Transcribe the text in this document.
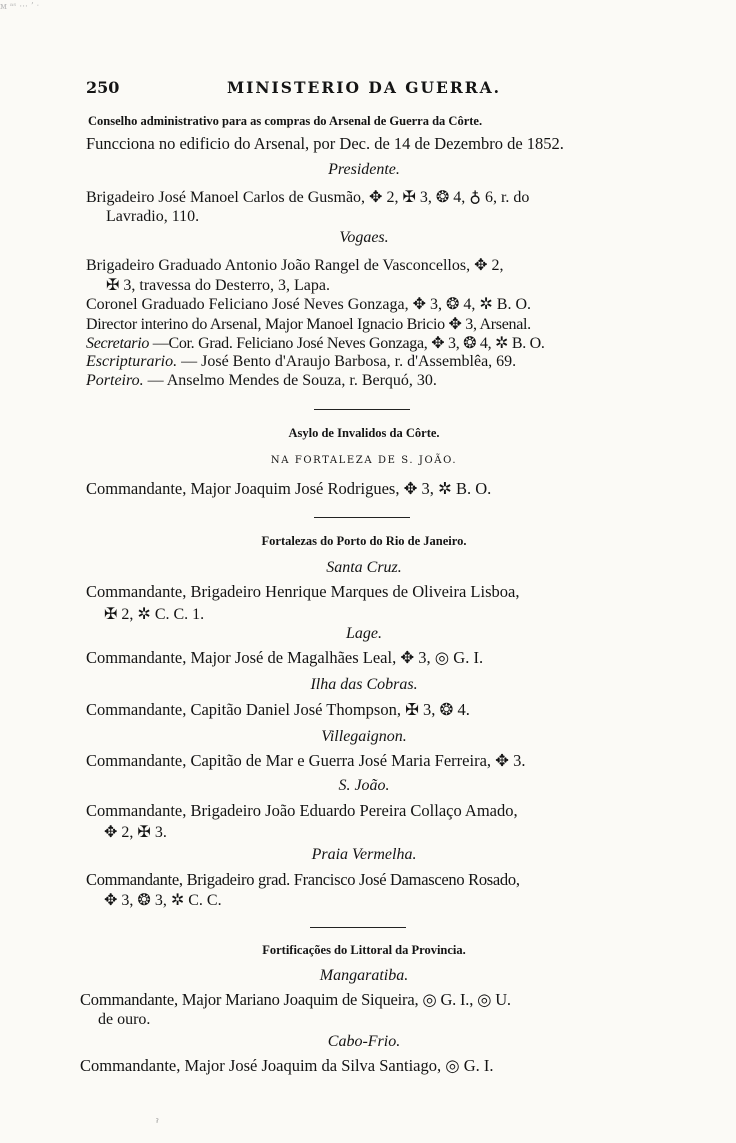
ᴍ ᵃˢ ··· ʼ ˑ
250	MINISTERIO DA GUERRA.
Conselho administrativo para as compras do Arsenal de Guerra da Côrte.
Funcciona no edificio do Arsenal, por Dec. de 14 de Dezembro de 1852.
Presidente.
Brigadeiro José Manoel Carlos de Gusmão, ✥ 2, ✠ 3, ❂ 4, ♁ 6, r. do
Lavradio, 110.
Vogaes.
Brigadeiro Graduado Antonio João Rangel de Vasconcellos, ✥ 2,
✠ 3, travessa do Desterro, 3, Lapa.
Coronel Graduado Feliciano José Neves Gonzaga, ✥ 3, ❂ 4, ✲ B. O.
Director interino do Arsenal, Major Manoel Ignacio Bricio ✥ 3, Arsenal.
Secretario —Cor. Grad. Feliciano José Neves Gonzaga, ✥ 3, ❂ 4, ✲ B. O.
Escripturario. — José Bento d'Araujo Barbosa, r. d'Assemblêa, 69.
Porteiro. — Anselmo Mendes de Souza, r. Berquó, 30.
Asylo de Invalidos da Côrte.
NA FORTALEZA DE S. JOÃO.
Commandante, Major Joaquim José Rodrigues, ✥ 3, ✲ B. O.
Fortalezas do Porto do Rio de Janeiro.
Santa Cruz.
Commandante, Brigadeiro Henrique Marques de Oliveira Lisboa,
✠ 2, ✲ C. C. 1.
Lage.
Commandante, Major José de Magalhães Leal, ✥ 3, ◎ G. I.
Ilha das Cobras.
Commandante, Capitão Daniel José Thompson, ✠ 3, ❂ 4.
Villegaignon.
Commandante, Capitão de Mar e Guerra José Maria Ferreira, ✥ 3.
S. João.
Commandante, Brigadeiro João Eduardo Pereira Collaço Amado,
✥ 2, ✠ 3.
Praia Vermelha.
Commandante, Brigadeiro grad. Francisco José Damasceno Rosado,
✥ 3, ❂ 3, ✲ C. C.
Fortificações do Littoral da Provincia.
Mangaratiba.
Commandante, Major Mariano Joaquim de Siqueira, ◎ G. I., ◎ U.
de ouro.
Cabo-Frio.
Commandante, Major José Joaquim da Silva Santiago, ◎ G. I.
ˀ
